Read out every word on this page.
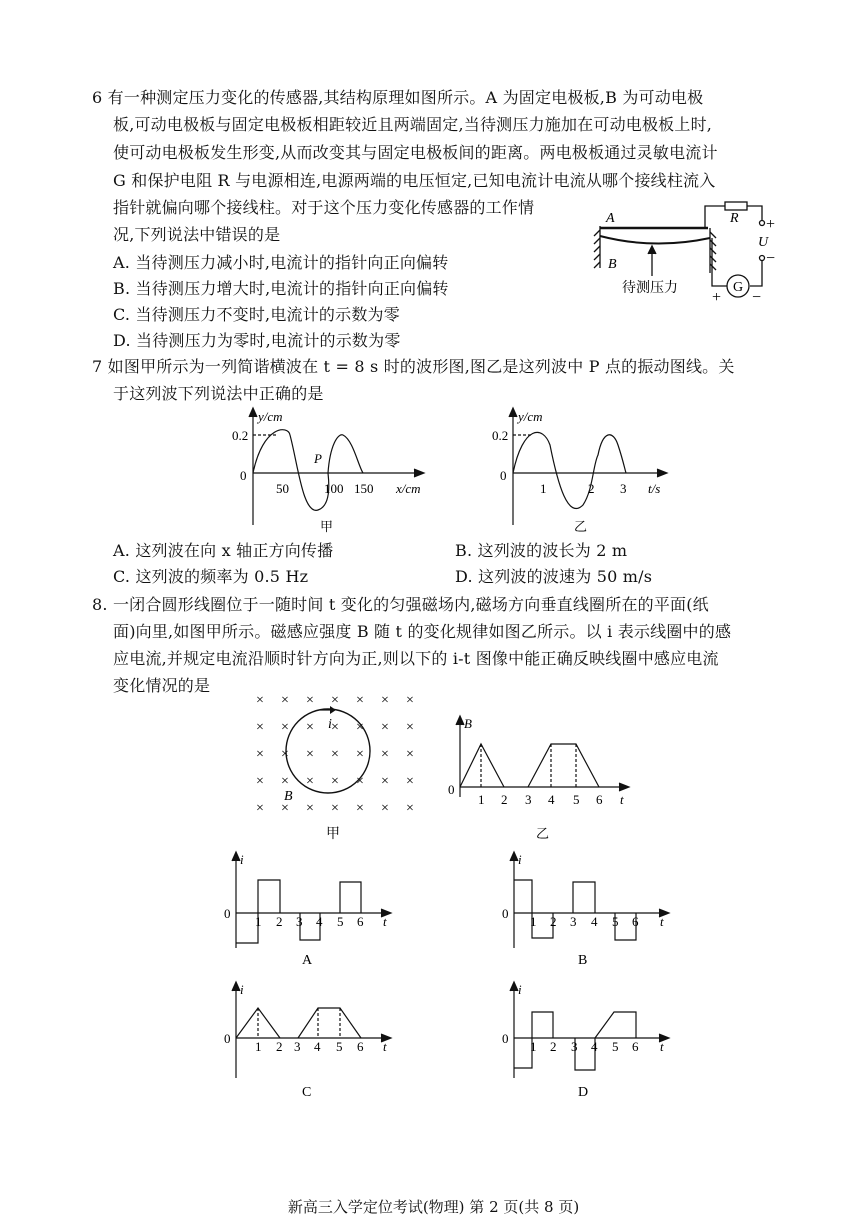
6 有一种测定压力变化的传感器,其结构原理如图所示。A 为固定电极板,B 为可动电极
板,可动电极板与固定电极板相距较近且两端固定,当待测压力施加在可动电极板上时,
使可动电极板发生形变,从而改变其与固定电极板间的距离。两电极板通过灵敏电流计
G 和保护电阻 R 与电源相连,电源两端的电压恒定,已知电流计电流从哪个接线柱流入
指针就偏向哪个接线柱。对于这个压力变化传感器的工作情
况,下列说法中错误的是
A. 当待测压力减小时,电流计的指针向正向偏转
B. 当待测压力增大时,电流计的指针向正向偏转
C. 当待测压力不变时,电流计的示数为零
D. 当待测压力为零时,电流计的示数为零
A
B
R +
U
−
G
+ −
待测压力
7 如图甲所示为一列简谐横波在 t = 8 s 时的波形图,图乙是这列波中 P 点的振动图线。关
于这列波下列说法中正确的是
0.2
y/cm
0
50	100 150 x/cm
P
甲
0.2
y/cm
0
1	2 3 t/s
乙
A. 这列波在向 x 轴正方向传播	B. 这列波的波长为 2 m
C. 这列波的频率为 0.5 Hz	D. 这列波的波速为 50 m/s
8. 一闭合圆形线圈位于一随时间 t 变化的匀强磁场内,磁场方向垂直线圈所在的平面(纸
面)向里,如图甲所示。磁感应强度 B 随 t 的变化规律如图乙所示。以 i 表示线圈中的感
应电流,并规定电流沿顺时针方向为正,则以下的 i-t 图像中能正确反映线圈中感应电流
变化情况的是
× × × × × × ×
× × × × × × ×
× × × × × × ×
× × × × × × ×
× × × × × × ×
i
B
甲
B
0
1 2 3 4 5 6 t
乙
i
0
1 2 3 4 5 6 t
A
i
0
1 2 3 4 5 6 t
B
i
0
1 2 3 4 5 6 t
C
i
0
1 2 3 4 5 6 t
D
新高三入学定位考试(物理) 第 2 页(共 8 页)
